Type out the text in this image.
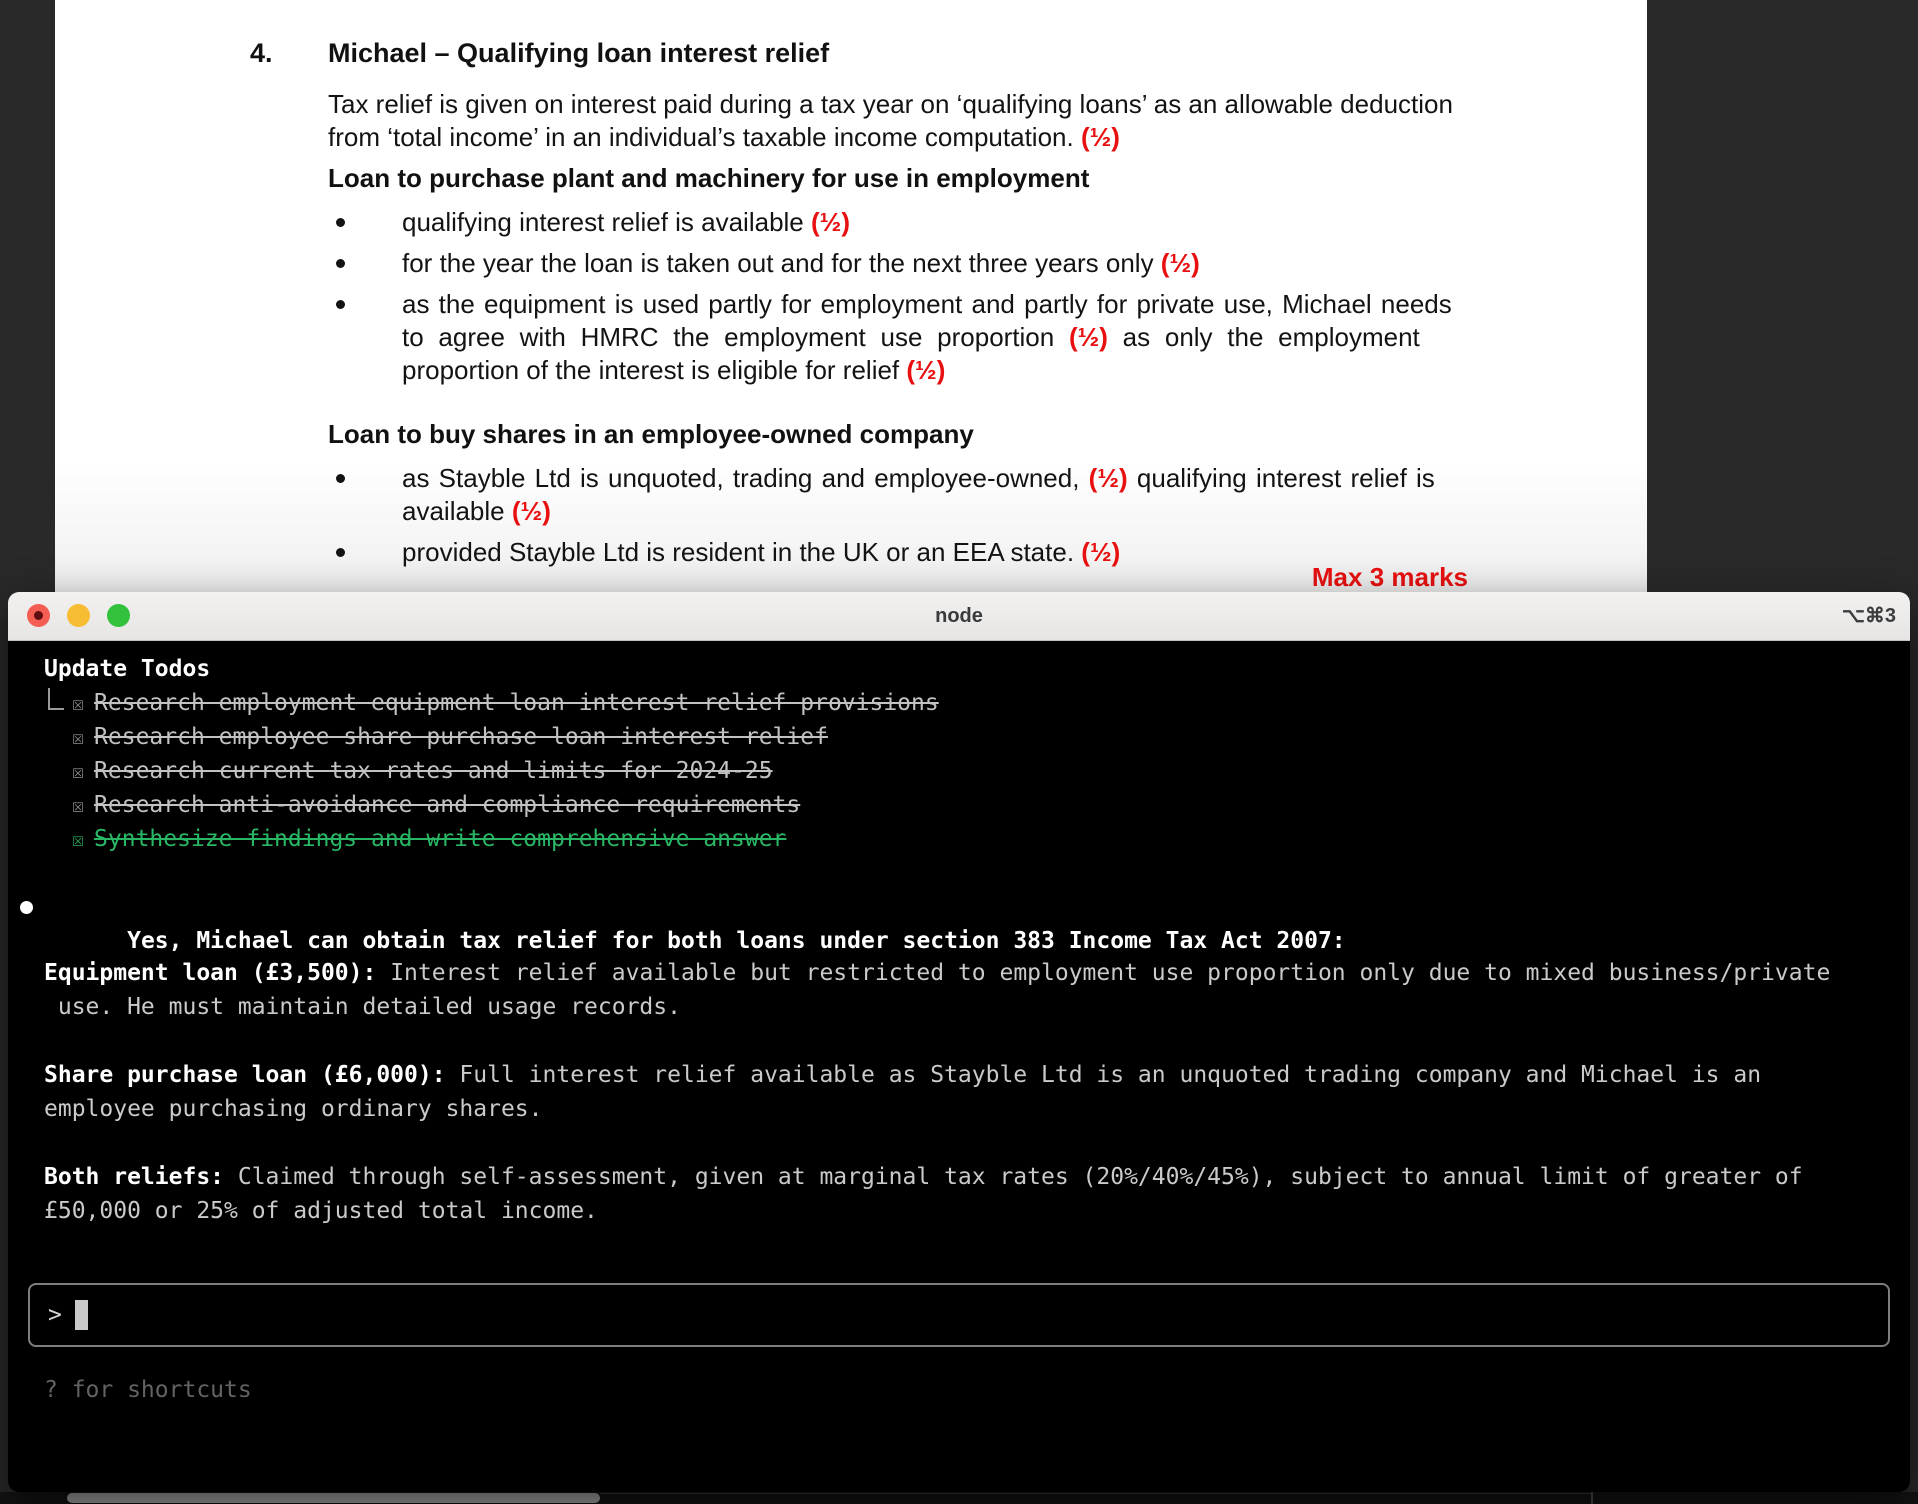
4. Michael – Qualifying loan interest relief
Tax relief is given on interest paid during a tax year on ‘qualifying loans’ as an allowable deduction
from ‘total income’ in an individual’s taxable income computation. (½)
Loan to purchase plant and machinery for use in employment
qualifying interest relief is available (½)
for the year the loan is taken out and for the next three years only (½)
as the equipment is used partly for employment and partly for private use, Michael needs
to agree with HMRC the employment use proportion (½) as only the employment
proportion of the interest is eligible for relief (½)
Loan to buy shares in an employee-owned company
as Stayble Ltd is unquoted, trading and employee-owned, (½) qualifying interest relief is
available (½)
provided Stayble Ltd is resident in the UK or an EEA state. (½)
Max 3 marks
node	⌥⌘3
Update Todos
☒ Research employment equipment loan interest relief provisions
☒ Research employee share purchase loan interest relief
☒ Research current tax rates and limits for 2024-25
☒ Research anti-avoidance and compliance requirements
☒ Synthesize findings and write comprehensive answer

Yes, Michael can obtain tax relief for both loans under section 383 Income Tax Act 2007:

Equipment loan (£3,500): Interest relief available but restricted to employment use proportion only due to mixed business/private
use. He must maintain detailed usage records.
Share purchase loan (£6,000): Full interest relief available as Stayble Ltd is an unquoted trading company and Michael is an
employee purchasing ordinary shares.
Both reliefs: Claimed through self-assessment, given at marginal tax rates (20%/40%/45%), subject to annual limit of greater of
£50,000 or 25% of adjusted total income.
>
? for shortcuts
